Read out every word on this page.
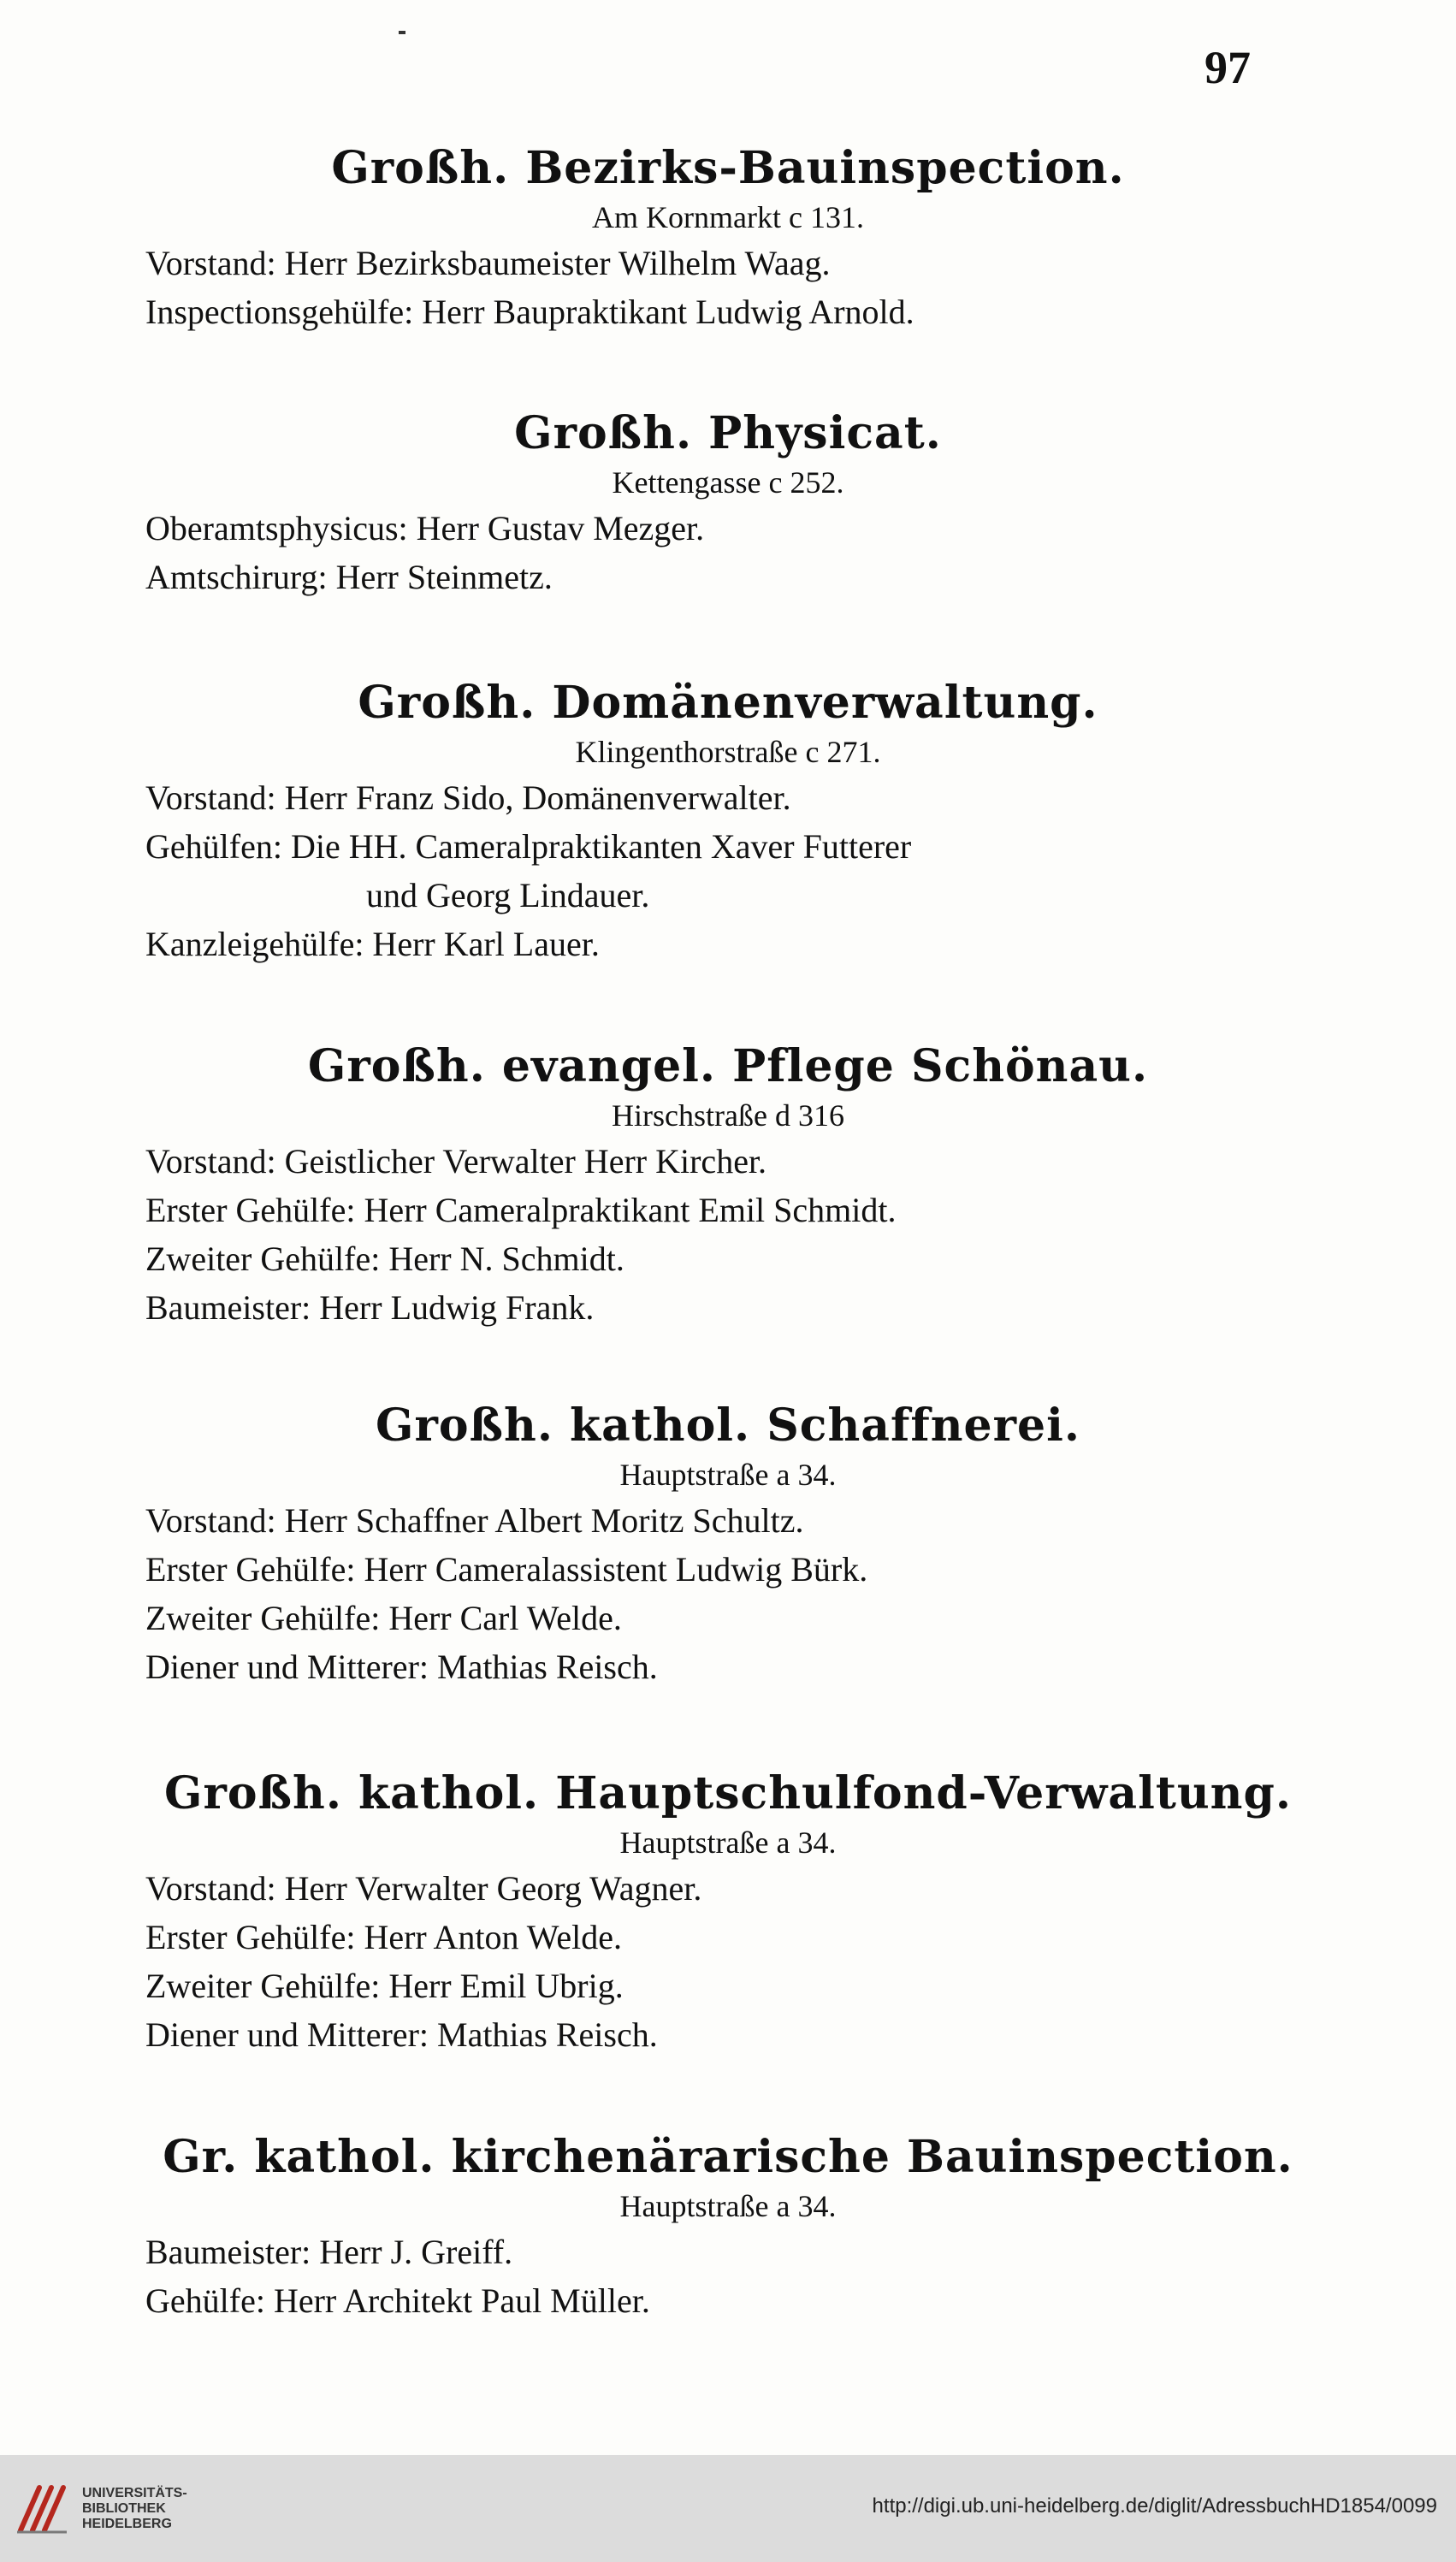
97
Großh. Bezirks-Bauinspection.

Am Kornmarkt c 131.

Vorstand: Herr Bezirksbaumeister Wilhelm Waag.
Inspectionsgehülfe: Herr Baupraktikant Ludwig Arnold.
Großh. Physicat.

Kettengasse c 252.

Oberamtsphysicus: Herr Gustav Mezger.
Amtschirurg: Herr Steinmetz.
Großh. Domänenverwaltung.

Klingenthorstraße c 271.

Vorstand: Herr Franz Sido, Domänenverwalter.
Gehülfen: Die HH. Cameralpraktikanten Xaver Futterer
und Georg Lindauer.
Kanzleigehülfe: Herr Karl Lauer.
Großh. evangel. Pflege Schönau.

Hirschstraße d 316

Vorstand: Geistlicher Verwalter Herr Kircher.
Erster Gehülfe: Herr Cameralpraktikant Emil Schmidt.
Zweiter Gehülfe: Herr N. Schmidt.
Baumeister: Herr Ludwig Frank.
Großh. kathol. Schaffnerei.

Hauptstraße a 34.

Vorstand: Herr Schaffner Albert Moritz Schultz.
Erster Gehülfe: Herr Cameralassistent Ludwig Bürk.
Zweiter Gehülfe: Herr Carl Welde.
Diener und Mitterer: Mathias Reisch.
Großh. kathol. Hauptschulfond-Verwaltung.

Hauptstraße a 34.

Vorstand: Herr Verwalter Georg Wagner.
Erster Gehülfe: Herr Anton Welde.
Zweiter Gehülfe: Herr Emil Ubrig.
Diener und Mitterer: Mathias Reisch.
Gr. kathol. kirchenärarische Bauinspection.

Hauptstraße a 34.

Baumeister: Herr J. Greiff.
Gehülfe: Herr Architekt Paul Müller.
UNIVERSITÄTS-
BIBLIOTHEK
HEIDELBERG
http://digi.ub.uni-heidelberg.de/diglit/AdressbuchHD1854/0099
